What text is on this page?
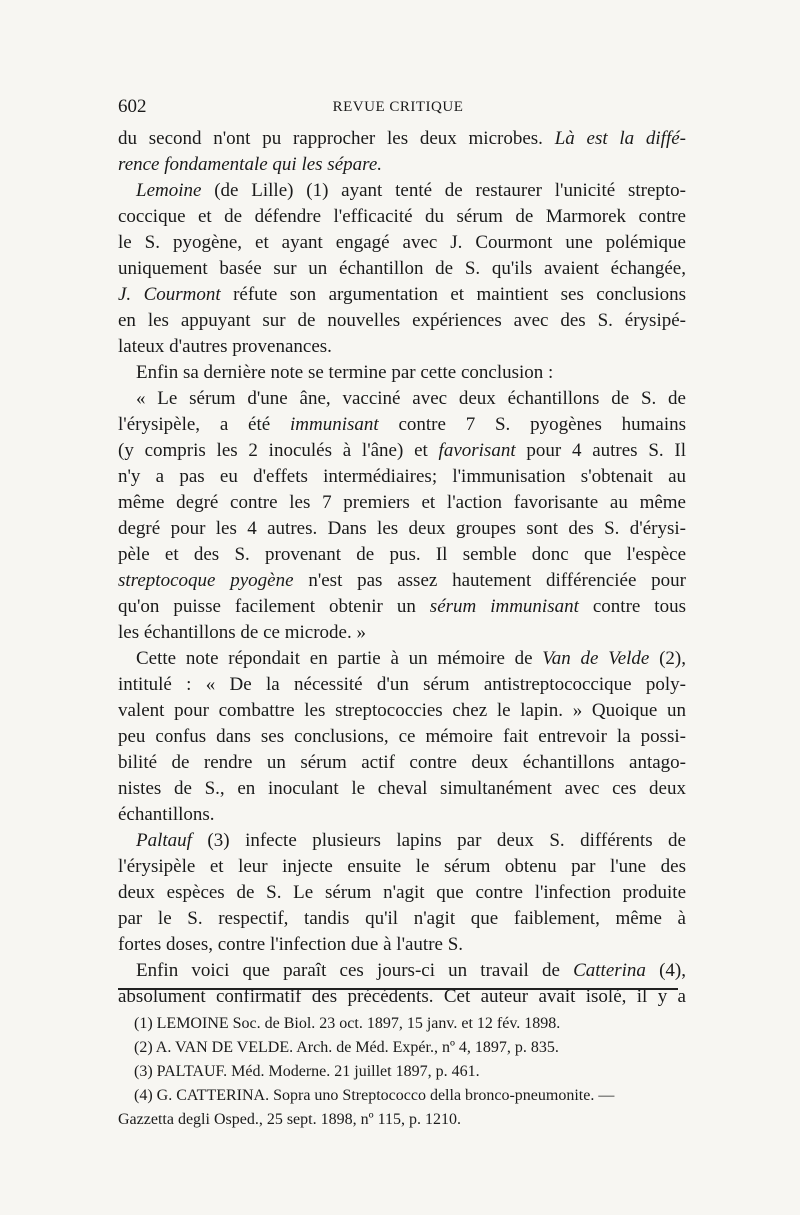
602	REVUE CRITIQUE
du second n'ont pu rapprocher les deux microbes. Là est la diffé-
rence fondamentale qui les sépare.
Lemoine (de Lille) (1) ayant tenté de restaurer l'unicité strepto-
coccique et de défendre l'efficacité du sérum de Marmorek contre
le S. pyogène, et ayant engagé avec J. Courmont une polémique
uniquement basée sur un échantillon de S. qu'ils avaient échangée,
J. Courmont réfute son argumentation et maintient ses conclusions
en les appuyant sur de nouvelles expériences avec des S. érysipé-
lateux d'autres provenances.
Enfin sa dernière note se termine par cette conclusion :
« Le sérum d'une âne, vacciné avec deux échantillons de S. de
l'érysipèle, a été immunisant contre 7 S. pyogènes humains
(y compris les 2 inoculés à l'âne) et favorisant pour 4 autres S. Il
n'y a pas eu d'effets intermédiaires; l'immunisation s'obtenait au
même degré contre les 7 premiers et l'action favorisante au même
degré pour les 4 autres. Dans les deux groupes sont des S. d'érysi-
pèle et des S. provenant de pus. Il semble donc que l'espèce
streptocoque pyogène n'est pas assez hautement différenciée pour
qu'on puisse facilement obtenir un sérum immunisant contre tous
les échantillons de ce microde. »
Cette note répondait en partie à un mémoire de Van de Velde (2),
intitulé : « De la nécessité d'un sérum antistreptococcique poly-
valent pour combattre les streptococcies chez le lapin. » Quoique un
peu confus dans ses conclusions, ce mémoire fait entrevoir la possi-
bilité de rendre un sérum actif contre deux échantillons antago-
nistes de S., en inoculant le cheval simultanément avec ces deux
échantillons.
Paltauf (3) infecte plusieurs lapins par deux S. différents de
l'érysipèle et leur injecte ensuite le sérum obtenu par l'une des
deux espèces de S. Le sérum n'agit que contre l'infection produite
par le S. respectif, tandis qu'il n'agit que faiblement, même à
fortes doses, contre l'infection due à l'autre S.
Enfin voici que paraît ces jours-ci un travail de Catterina (4),
absolument confirmatif des précédents. Cet auteur avait isolé, il y a
(1) LEMOINE Soc. de Biol. 23 oct. 1897, 15 janv. et 12 fév. 1898.
(2) A. VAN DE VELDE. Arch. de Méd. Expér., nº 4, 1897, p. 835.
(3) PALTAUF. Méd. Moderne. 21 juillet 1897, p. 461.
(4) G. CATTERINA. Sopra uno Streptococco della bronco-pneumonite. —
Gazzetta degli Osped., 25 sept. 1898, nº 115, p. 1210.
